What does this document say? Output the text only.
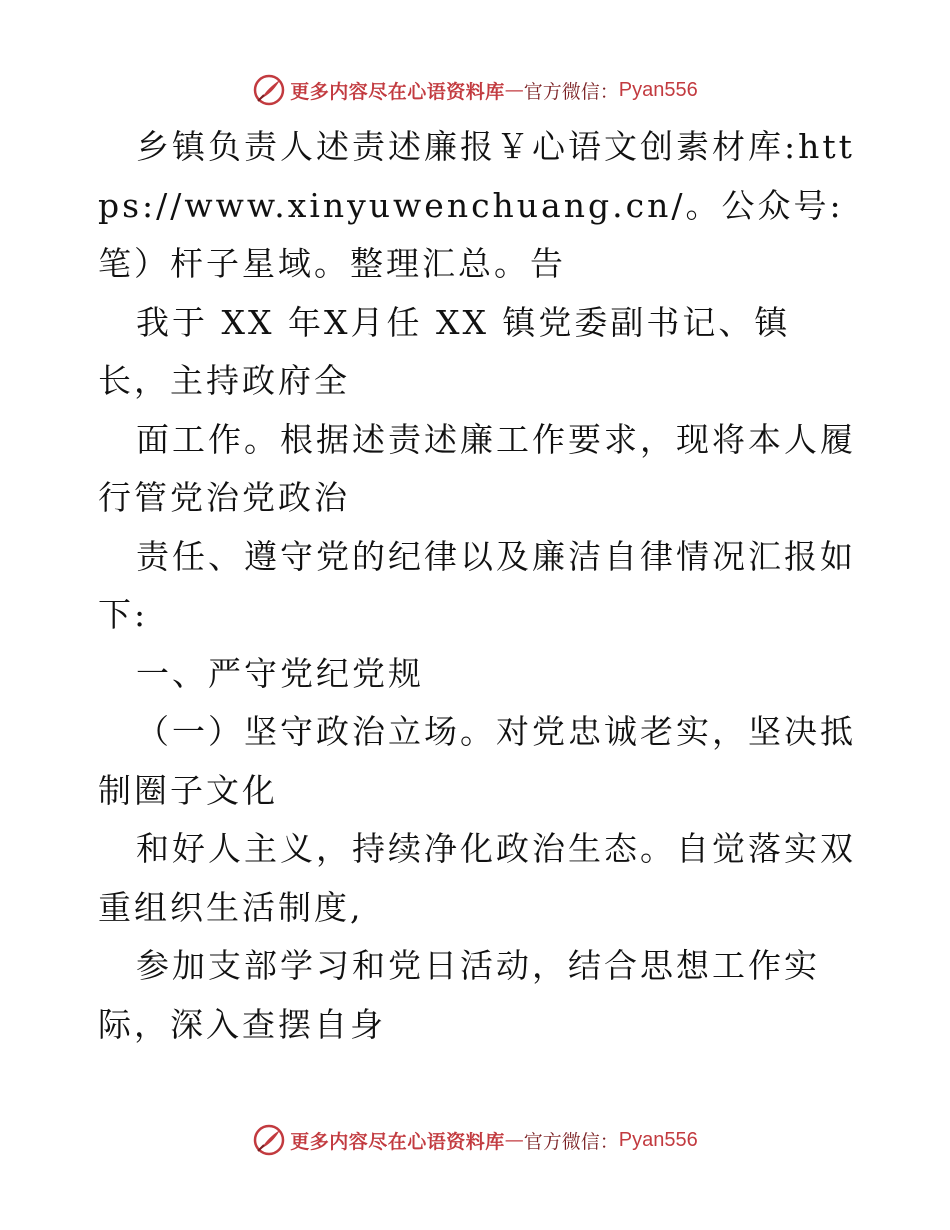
更多内容尽在心语资料库 — 官方微信： Pyan556

乡镇负责人述责述廉报￥心语文创素材库:https://www.xinyuwenchuang.cn/。公众号: 笔）杆子星域。整理汇总。告

我于 XX 年X月任 XX 镇党委副书记、镇长，主持政府全

面工作。根据述责述廉工作要求，现将本人履行管党治党政治

责任、遵守党的纪律以及廉洁自律情况汇报如下:

一、严守党纪党规

（一）坚守政治立场。对党忠诚老实，坚决抵制圈子文化

和好人主义，持续净化政治生态。自觉落实双重组织生活制度,

参加支部学习和党日活动，结合思想工作实际，深入查摆自身

更多内容尽在心语资料库 — 官方微信： Pyan556
